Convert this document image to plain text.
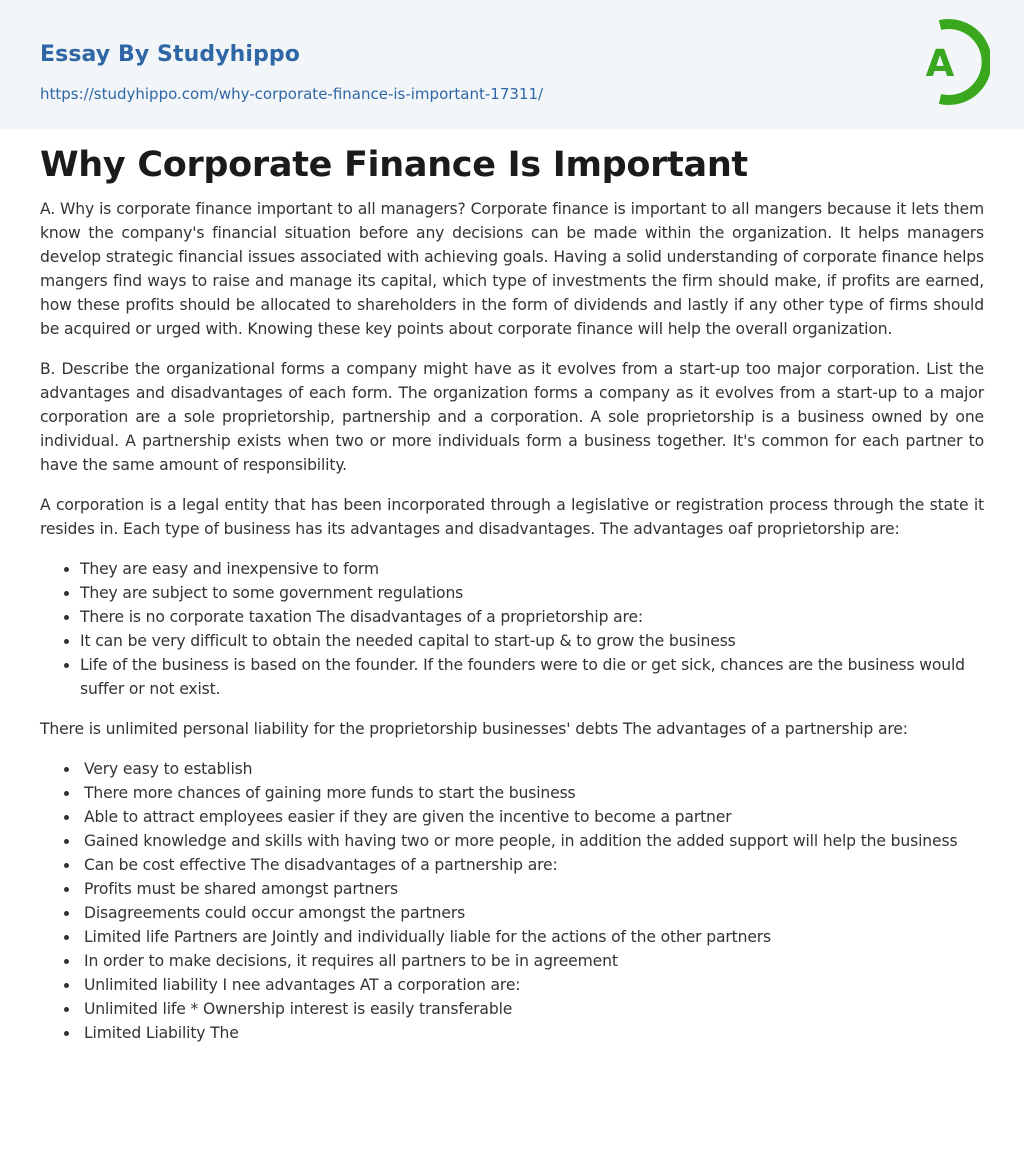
Essay By Studyhippo
https://studyhippo.com/why-corporate-finance-is-important-17311/
A
Why Corporate Finance Is Important

A. Why is corporate finance important to all managers? Corporate finance is important to all mangers because it lets them know the company's financial situation before any decisions can be made within the organization. It helps managers develop strategic financial issues associated with achieving goals. Having a solid understanding of corporate finance helps mangers find ways to raise and manage its capital, which type of investments the firm should make, if profits are earned, how these profits should be allocated to shareholders in the form of dividends and lastly if any other type of firms should be acquired or urged with. Knowing these key points about corporate finance will help the overall organization.

B. Describe the organizational forms a company might have as it evolves from a start-up too major corporation. List the advantages and disadvantages of each form. The organization forms a company as it evolves from a start-up to a major corporation are a sole proprietorship, partnership and a corporation. A sole proprietorship is a business owned by one individual. A partnership exists when two or more individuals form a business together. It's common for each partner to have the same amount of responsibility.

A corporation is a legal entity that has been incorporated through a legislative or registration process through the state it resides in. Each type of business has its advantages and disadvantages. The advantages oaf proprietorship are:

• They are easy and inexpensive to form
• They are subject to some government regulations
• There is no corporate taxation The disadvantages of a proprietorship are:
• It can be very difficult to obtain the needed capital to start-up & to grow the business
• Life of the business is based on the founder. If the founders were to die or get sick, chances are the business would suffer or not exist.

There is unlimited personal liability for the proprietorship businesses' debts The advantages of a partnership are:

• Very easy to establish
• There more chances of gaining more funds to start the business
• Able to attract employees easier if they are given the incentive to become a partner
• Gained knowledge and skills with having two or more people, in addition the added support will help the business
• Can be cost effective The disadvantages of a partnership are:
• Profits must be shared amongst partners
• Disagreements could occur amongst the partners
• Limited life Partners are Jointly and individually liable for the actions of the other partners
• In order to make decisions, it requires all partners to be in agreement
• Unlimited liability I nee advantages AT a corporation are:
• Unlimited life * Ownership interest is easily transferable
• Limited Liability The
